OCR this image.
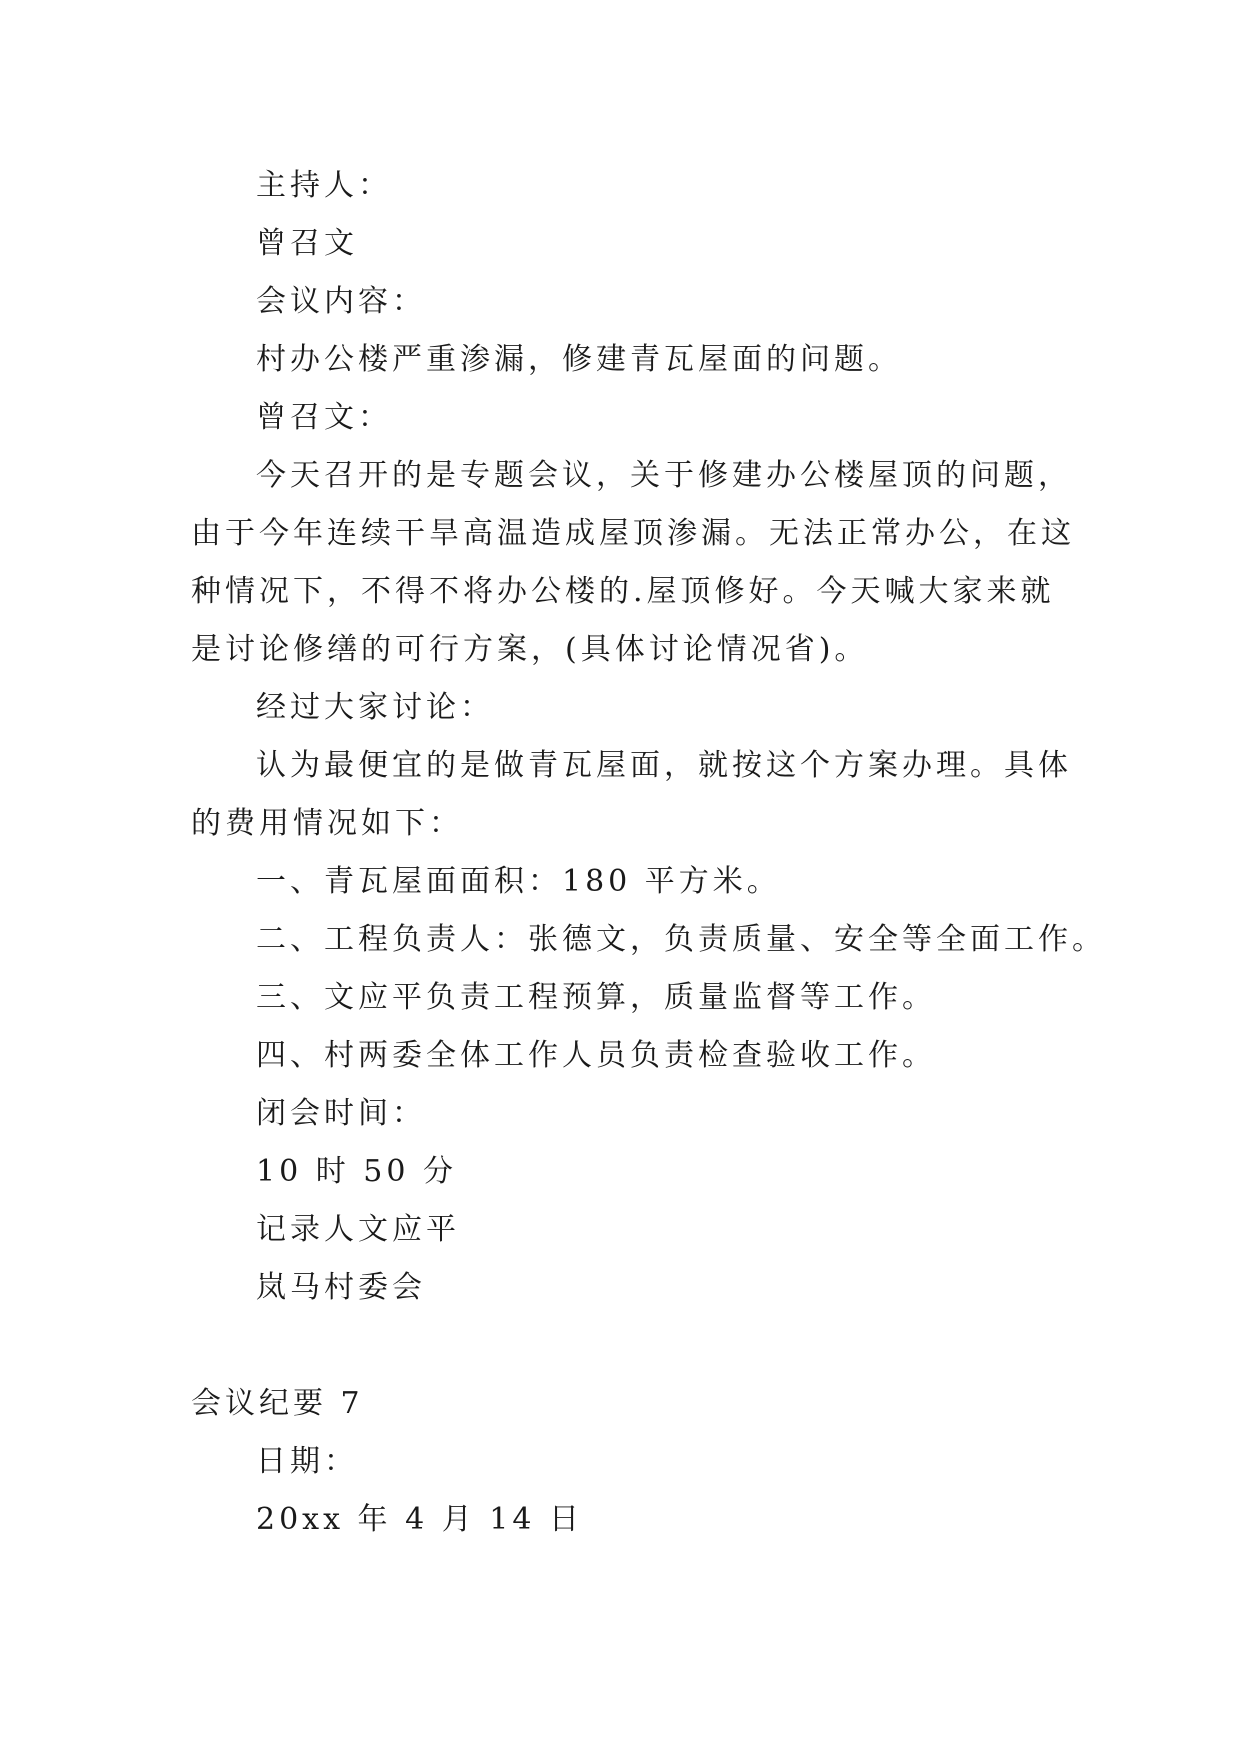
主持人：
曾召文
会议内容：
村办公楼严重渗漏，修建青瓦屋面的问题。
曾召文：
今天召开的是专题会议，关于修建办公楼屋顶的问题，
由于今年连续干旱高温造成屋顶渗漏。无法正常办公，在这
种情况下，不得不将办公楼的.屋顶修好。今天喊大家来就
是讨论修缮的可行方案，(具体讨论情况省)。
经过大家讨论：
认为最便宜的是做青瓦屋面，就按这个方案办理。具体
的费用情况如下：
一、青瓦屋面面积：180 平方米。
二、工程负责人：张德文，负责质量、安全等全面工作。
三、文应平负责工程预算，质量监督等工作。
四、村两委全体工作人员负责检查验收工作。
闭会时间：
10 时 50 分
记录人文应平
岚马村委会
会议纪要 7
日期：
20xx 年 4 月 14 日
